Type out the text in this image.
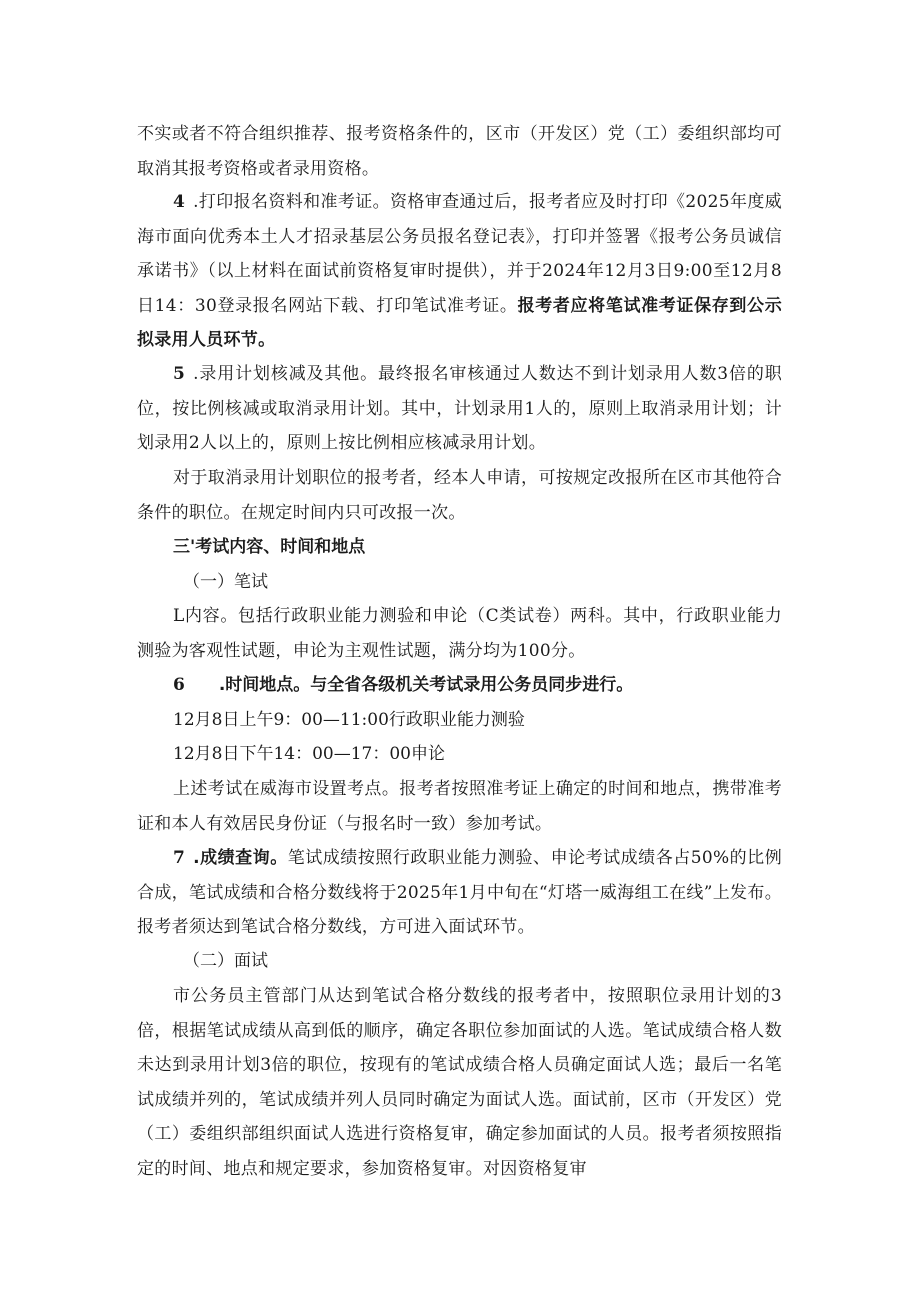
不实或者不符合组织推荐、报考资格条件的，区市（开发区）党（工）委组织部均可取消其报考资格或者录用资格。

4 .打印报名资料和准考证。资格审查通过后，报考者应及时打印《2025年度威海市面向优秀本土人才招录基层公务员报名登记表》，打印并签署《报考公务员诚信承诺书》（以上材料在面试前资格复审时提供），并于2024年12月3日9:00至12月8日14：30登录报名网站下载、打印笔试准考证。报考者应将笔试准考证保存到公示拟录用人员环节。

5 .录用计划核减及其他。最终报名审核通过人数达不到计划录用人数3倍的职位，按比例核减或取消录用计划。其中，计划录用1人的，原则上取消录用计划；计划录用2人以上的，原则上按比例相应核减录用计划。

对于取消录用计划职位的报考者，经本人申请，可按规定改报所在区市其他符合条件的职位。在规定时间内只可改报一次。

三'考试内容、时间和地点

（一）笔试

L内容。包括行政职业能力测验和申论（C类试卷）两科。其中，行政职业能力测验为客观性试题，申论为主观性试题，满分均为100分。

6 .时间地点。与全省各级机关考试录用公务员同步进行。

12月8日上午9：00—11:00行政职业能力测验

12月8日下午14：00—17：00申论

上述考试在威海市设置考点。报考者按照准考证上确定的时间和地点，携带准考证和本人有效居民身份证（与报名时一致）参加考试。

7 .成绩查询。笔试成绩按照行政职业能力测验、申论考试成绩各占50%的比例合成，笔试成绩和合格分数线将于2025年1月中旬在“灯塔一威海组工在线”上发布。报考者须达到笔试合格分数线，方可进入面试环节。

（二）面试

市公务员主管部门从达到笔试合格分数线的报考者中，按照职位录用计划的3倍，根据笔试成绩从高到低的顺序，确定各职位参加面试的人选。笔试成绩合格人数未达到录用计划3倍的职位，按现有的笔试成绩合格人员确定面试人选；最后一名笔试成绩并列的，笔试成绩并列人员同时确定为面试人选。面试前，区市（开发区）党（工）委组织部组织面试人选进行资格复审，确定参加面试的人员。报考者须按照指定的时间、地点和规定要求，参加资格复审。对因资格复审
